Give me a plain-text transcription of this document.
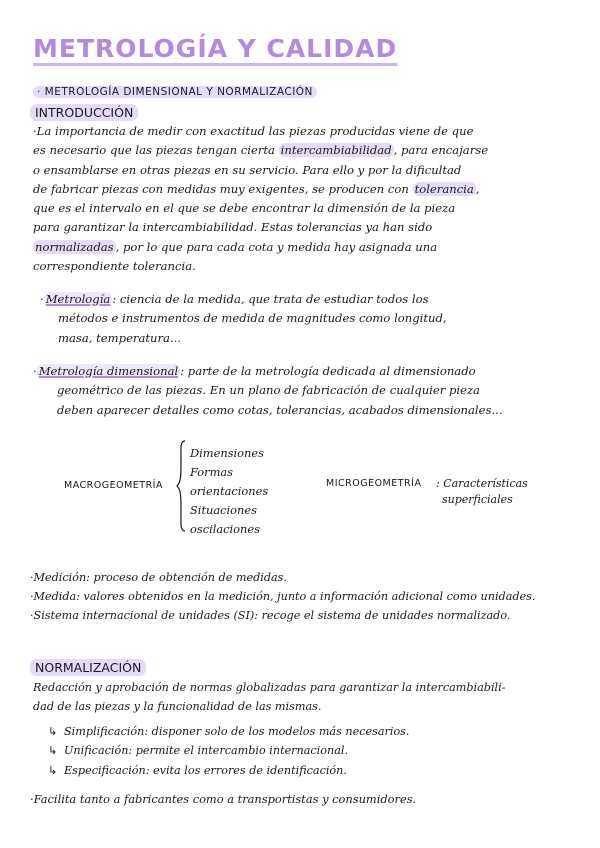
METROLOGÍA Y CALIDAD
· METROLOGÍA DIMENSIONAL Y NORMALIZACIÓN
INTRODUCCIÓN
·La importancia de medir con exactitud las piezas producidas viene de que
es necesario que las piezas tengan cierta intercambiabilidad , para encajarse
o ensamblarse en otras piezas en su servicio. Para ello y por la dificultad
de fabricar piezas con medidas muy exigentes, se producen con tolerancia ,
que es el intervalo en el que se debe encontrar la dimensión de la pieza
para garantizar la intercambiabilidad. Estas tolerancias ya han sido
normalizadas , por lo que para cada cota y medida hay asignada una
correspondiente tolerancia.
· Metrología : ciencia de la medida, que trata de estudiar todos los
métodos e instrumentos de medida de magnitudes como longitud,
masa, temperatura...
· Metrología dimensional : parte de la metrología dedicada al dimensionado
geométrico de las piezas. En un plano de fabricación de cualquier pieza
deben aparecer detalles como cotas, tolerancias, acabados dimensionales...
MACROGEOMETRÍA
Dimensiones
Formas
orientaciones
Situaciones
oscilaciones
MICROGEOMETRÍA : Características
superficiales
·Medición: proceso de obtención de medidas.
·Medida: valores obtenidos en la medición, junto a información adicional como unidades.
·Sistema internacional de unidades (SI): recoge el sistema de unidades normalizado.
NORMALIZACIÓN
Redacción y aprobación de normas globalizadas para garantizar la intercambiabili-
dad de las piezas y la funcionalidad de las mismas.
↳ Simplificación: disponer solo de los modelos más necesarios.
↳ Unificación: permite el intercambio internacional.
↳ Especificación: evita los errores de identificación.
·Facilita tanto a fabricantes como a transportistas y consumidores.
